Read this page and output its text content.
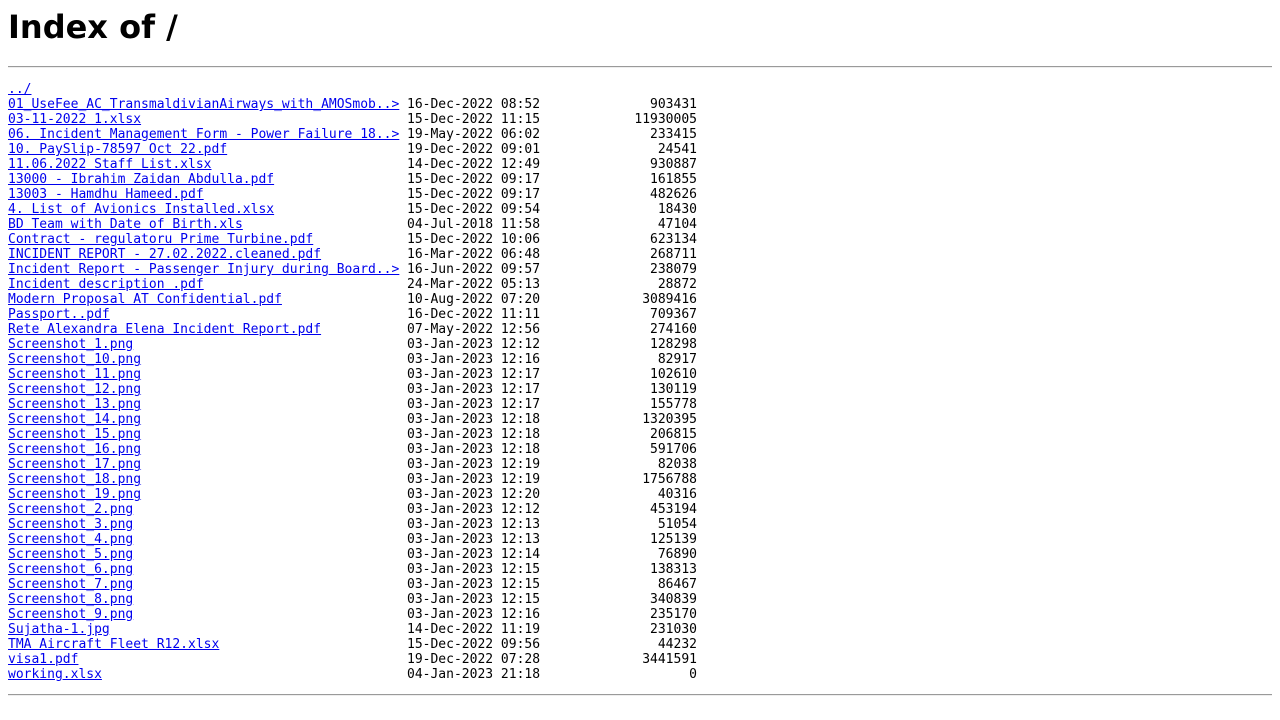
Index of /

../

01_UseFee_AC_TransmaldivianAirways_with_AMOSmob..> 16-Dec-2022 08:52	903431
03-11-2022 1.xlsx	15-Dec-2022 11:15	11930005
06. Incident Management Form - Power Failure 18..> 19-May-2022 06:02	233415
10. PaySlip-78597 Oct 22.pdf	19-Dec-2022 09:01	24541
11.06.2022 Staff List.xlsx	14-Dec-2022 12:49	930887
13000 - Ibrahim Zaidan Abdulla.pdf	15-Dec-2022 09:17	161855
13003 - Hamdhu Hameed.pdf	15-Dec-2022 09:17	482626
4. List of Avionics Installed.xlsx	15-Dec-2022 09:54	18430
BD Team with Date of Birth.xls	04-Jul-2018 11:58	47104
Contract - regulatoru Prime Turbine.pdf	15-Dec-2022 10:06	623134
INCIDENT REPORT - 27.02.2022.cleaned.pdf	16-Mar-2022 06:48	268711
Incident Report - Passenger Injury during Board..> 16-Jun-2022 09:57	238079
Incident description .pdf	24-Mar-2022 05:13	28872
Modern Proposal AT Confidential.pdf	10-Aug-2022 07:20	3089416
Passport..pdf	16-Dec-2022 11:11	709367
Rete Alexandra Elena Incident Report.pdf	07-May-2022 12:56	274160
Screenshot_1.png	03-Jan-2023 12:12	128298
Screenshot_10.png	03-Jan-2023 12:16	82917
Screenshot_11.png	03-Jan-2023 12:17	102610
Screenshot_12.png	03-Jan-2023 12:17	130119
Screenshot_13.png	03-Jan-2023 12:17	155778
Screenshot_14.png	03-Jan-2023 12:18	1320395
Screenshot_15.png	03-Jan-2023 12:18	206815
Screenshot_16.png	03-Jan-2023 12:18	591706
Screenshot_17.png	03-Jan-2023 12:19	82038
Screenshot_18.png	03-Jan-2023 12:19	1756788
Screenshot_19.png	03-Jan-2023 12:20	40316
Screenshot_2.png	03-Jan-2023 12:12	453194
Screenshot_3.png	03-Jan-2023 12:13	51054
Screenshot_4.png	03-Jan-2023 12:13	125139
Screenshot_5.png	03-Jan-2023 12:14	76890
Screenshot_6.png	03-Jan-2023 12:15	138313
Screenshot_7.png	03-Jan-2023 12:15	86467
Screenshot_8.png	03-Jan-2023 12:15	340839
Screenshot_9.png	03-Jan-2023 12:16	235170
Sujatha-1.jpg	14-Dec-2022 11:19	231030
TMA Aircraft Fleet R12.xlsx	15-Dec-2022 09:56	44232
visa1.pdf	19-Dec-2022 07:28	3441591
working.xlsx	04-Jan-2023 21:18	0
